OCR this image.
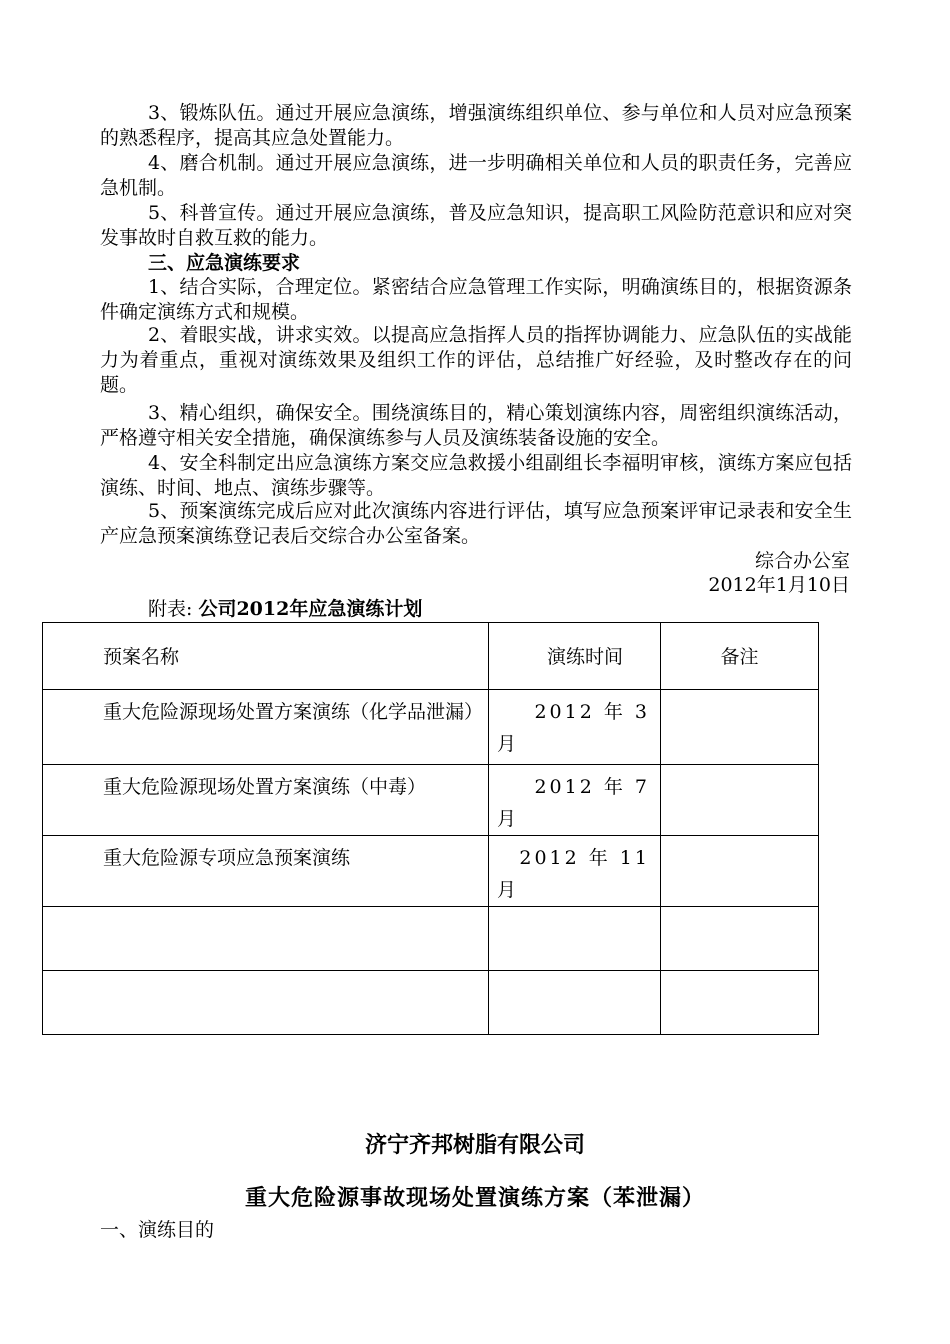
3、锻炼队伍。通过开展应急演练，增强演练组织单位、参与单位和人员对应急预案的熟悉程序，提高其应急处置能力。

4、磨合机制。通过开展应急演练，进一步明确相关单位和人员的职责任务，完善应急机制。

5、科普宣传。通过开展应急演练，普及应急知识，提高职工风险防范意识和应对突发事故时自救互救的能力。

三、应急演练要求

1、结合实际，合理定位。紧密结合应急管理工作实际，明确演练目的，根据资源条件确定演练方式和规模。

2、着眼实战，讲求实效。以提高应急指挥人员的指挥协调能力、应急队伍的实战能力为着重点，重视对演练效果及组织工作的评估，总结推广好经验，及时整改存在的问题。

3、精心组织，确保安全。围绕演练目的，精心策划演练内容，周密组织演练活动，严格遵守相关安全措施，确保演练参与人员及演练装备设施的安全。

4、安全科制定出应急演练方案交应急救援小组副组长李福明审核，演练方案应包括演练、时间、地点、演练步骤等。

5、预案演练完成后应对此次演练内容进行评估，填写应急预案评审记录表和安全生产应急预案演练登记表后交综合办公室备案。

综合办公室
2012年1月10日
附表: 公司2012年应急演练计划
预案名称	演练时间	备注

重大危险源现场处置方案演练（化学品泄漏）	2012 年 3
月	

重大危险源现场处置方案演练（中毒）	2012 年 7
月	

重大危险源专项应急预案演练	2012 年 11
月	

济宁齐邦树脂有限公司
重大危险源事故现场处置演练方案（苯泄漏）
一、演练目的
